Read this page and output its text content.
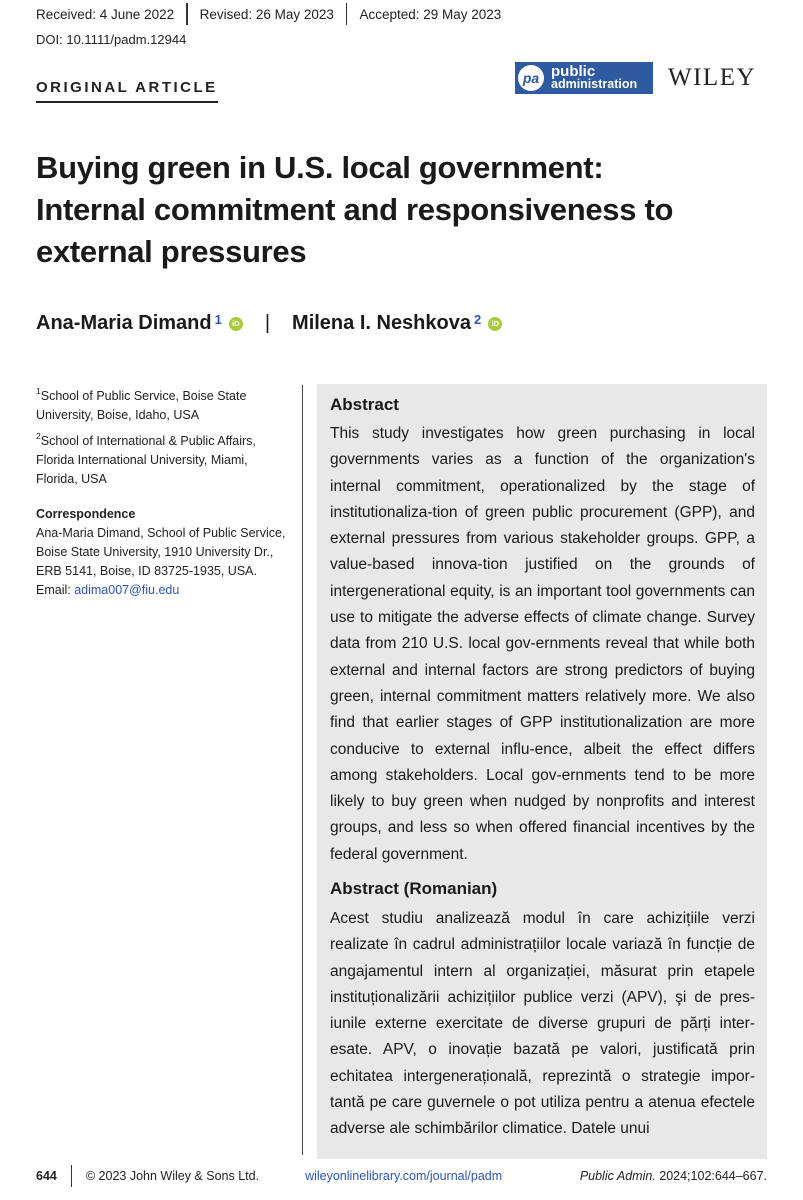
Received: 4 June 2022 Revised: 26 May 2023 Accepted: 29 May 2023
DOI: 10.1111/padm.12944
ORIGINAL ARTICLE
pa public
administration WILEY
Buying green in U.S. local government: Internal commitment and responsiveness to external pressures
Ana-Maria Dimand$^1$	iD | Milena I. Neshkova$^2$	iD
$^1$School of Public Service, Boise State University, Boise, Idaho, USA
$^2$School of International & Public Affairs, Florida International University, Miami, Florida, USA
Correspondence
Ana-Maria Dimand, School of Public Service, Boise State University, 1910 University Dr., ERB 5141, Boise, ID 83725-1935, USA. Email: adima007@fiu.edu
Abstract
This study investigates how green purchasing in local governments varies as a function of the organization's internal commitment, operationalized by the stage of institutionaliza-tion of green public procurement (GPP), and external pressures from various stakeholder groups. GPP, a value-based innova-tion justified on the grounds of intergenerational equity, is an important tool governments can use to mitigate the adverse effects of climate change. Survey data from 210 U.S. local gov-ernments reveal that while both external and internal factors are strong predictors of buying green, internal commitment matters relatively more. We also find that earlier stages of GPP institutionalization are more conducive to external influ-ence, albeit the effect differs among stakeholders. Local gov-ernments tend to be more likely to buy green when nudged by nonprofits and interest groups, and less so when offered financial incentives by the federal government.
Abstract (Romanian)
Acest studiu analizează modul în care achizițiile verzi realizate în cadrul administrațiilor locale variază în funcție de angajamentul intern al organizației, măsurat prin etapele instituționalizării achizițiilor publice verzi (APV), şi de pres-iunile externe exercitate de diverse grupuri de părți inter-esate. APV, o inovație bazată pe valori, justificată prin echitatea intergenerațională, reprezintă o strategie impor-tantă pe care guvernele o pot utiliza pentru a atenua efectele adverse ale schimbărilor climatice. Datele unui
644 © 2023 John Wiley & Sons Ltd.	wileyonlinelibrary.com/journal/padm	Public Admin. 2024;102:644–667.
